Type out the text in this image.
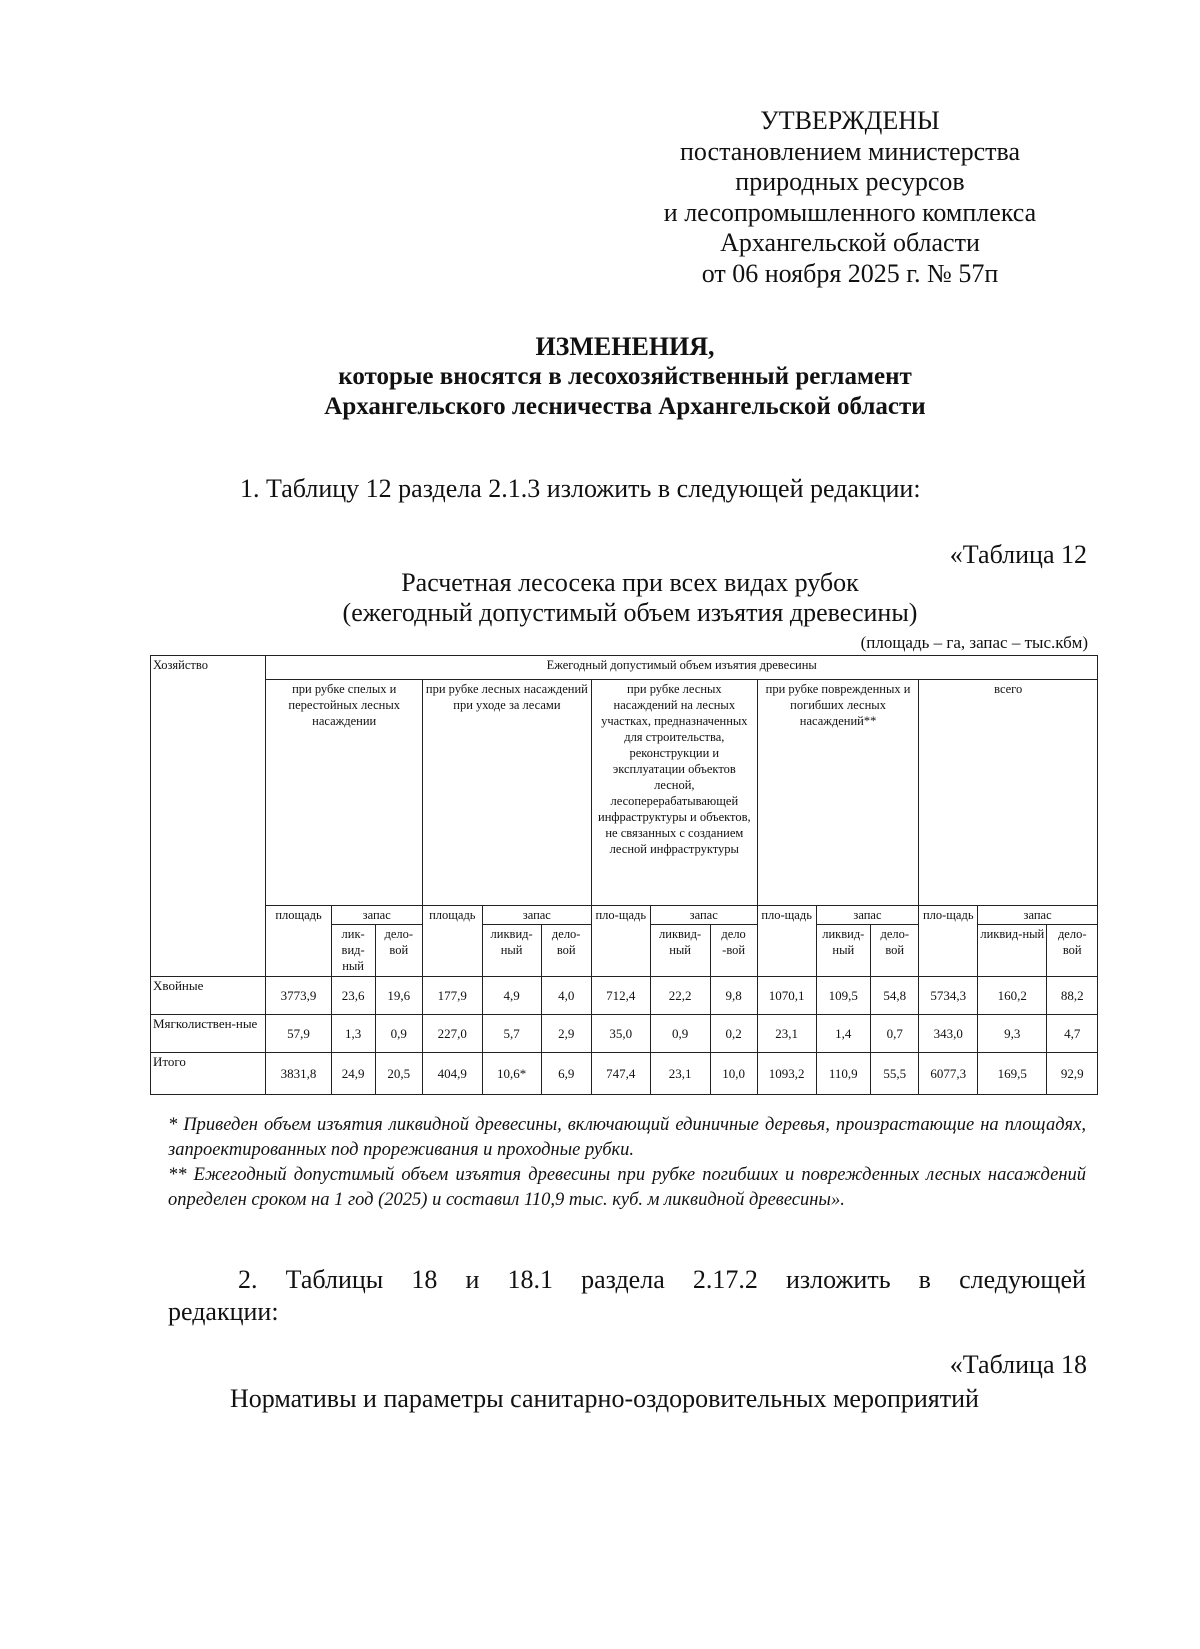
УТВЕРЖДЕНЫ
постановлением министерства
природных ресурсов
и лесопромышленного комплекса
Архангельской области
от 06 ноября 2025 г. № 57п
ИЗМЕНЕНИЯ,
которые вносятся в лесохозяйственный регламент
Архангельского лесничества Архангельской области
1. Таблицу 12 раздела 2.1.3 изложить в следующей редакции:
«Таблица 12
Расчетная лесосека при всех видах рубок
(ежегодный допустимый объем изъятия древесины)
(площадь – га, запас – тыс.кбм)
Хозяйство	Ежегодный допустимый объем изъятия древесины														
	при рубке спелых и перестойных лесных насаждении			при рубке лесных насаждений при уходе за лесами			при рубке лесных насаждений на лесных участках, предназначенных для строительства, реконструкции и эксплуатации объектов лесной, лесоперерабатывающей инфраструктуры и объектов, не связанных с созданием лесной инфраструктуры			при рубке поврежденных и погибших лесных насаждений**			всего		
	площадь	запас		площадь	запас		пло-щадь	запас		пло-щадь	запас		пло-щадь	запас	
		лик-вид-ный	дело-вой		ликвид-ный	дело-вой		ликвид-ный	дело -вой		ликвид-ный	дело-вой		ликвид-ный	дело-вой
Хвойные	3773,9	23,6	19,6	177,9	4,9	4,0	712,4	22,2	9,8	1070,1	109,5	54,8	5734,3	160,2	88,2
Мягколиствен-ные	57,9	1,3	0,9	227,0	5,7	2,9	35,0	0,9	0,2	23,1	1,4	0,7	343,0	9,3	4,7
Итого	3831,8	24,9	20,5	404,9	10,6*	6,9	747,4	23,1	10,0	1093,2	110,9	55,5	6077,3	169,5	92,9

* Приведен объем изъятия ликвидной древесины, включающий единичные деревья, произрастающие на площадях, запроектированных под прореживания и проходные рубки.

** Ежегодный допустимый объем изъятия древесины при рубке погибших и поврежденных лесных насаждений определен сроком на 1 год (2025) и составил 110,9 тыс. куб. м ликвидной древесины».

2. Таблицы 18 и 18.1 раздела 2.17.2 изложить в следующей
редакции:
«Таблица 18
Нормативы и параметры санитарно-оздоровительных мероприятий
